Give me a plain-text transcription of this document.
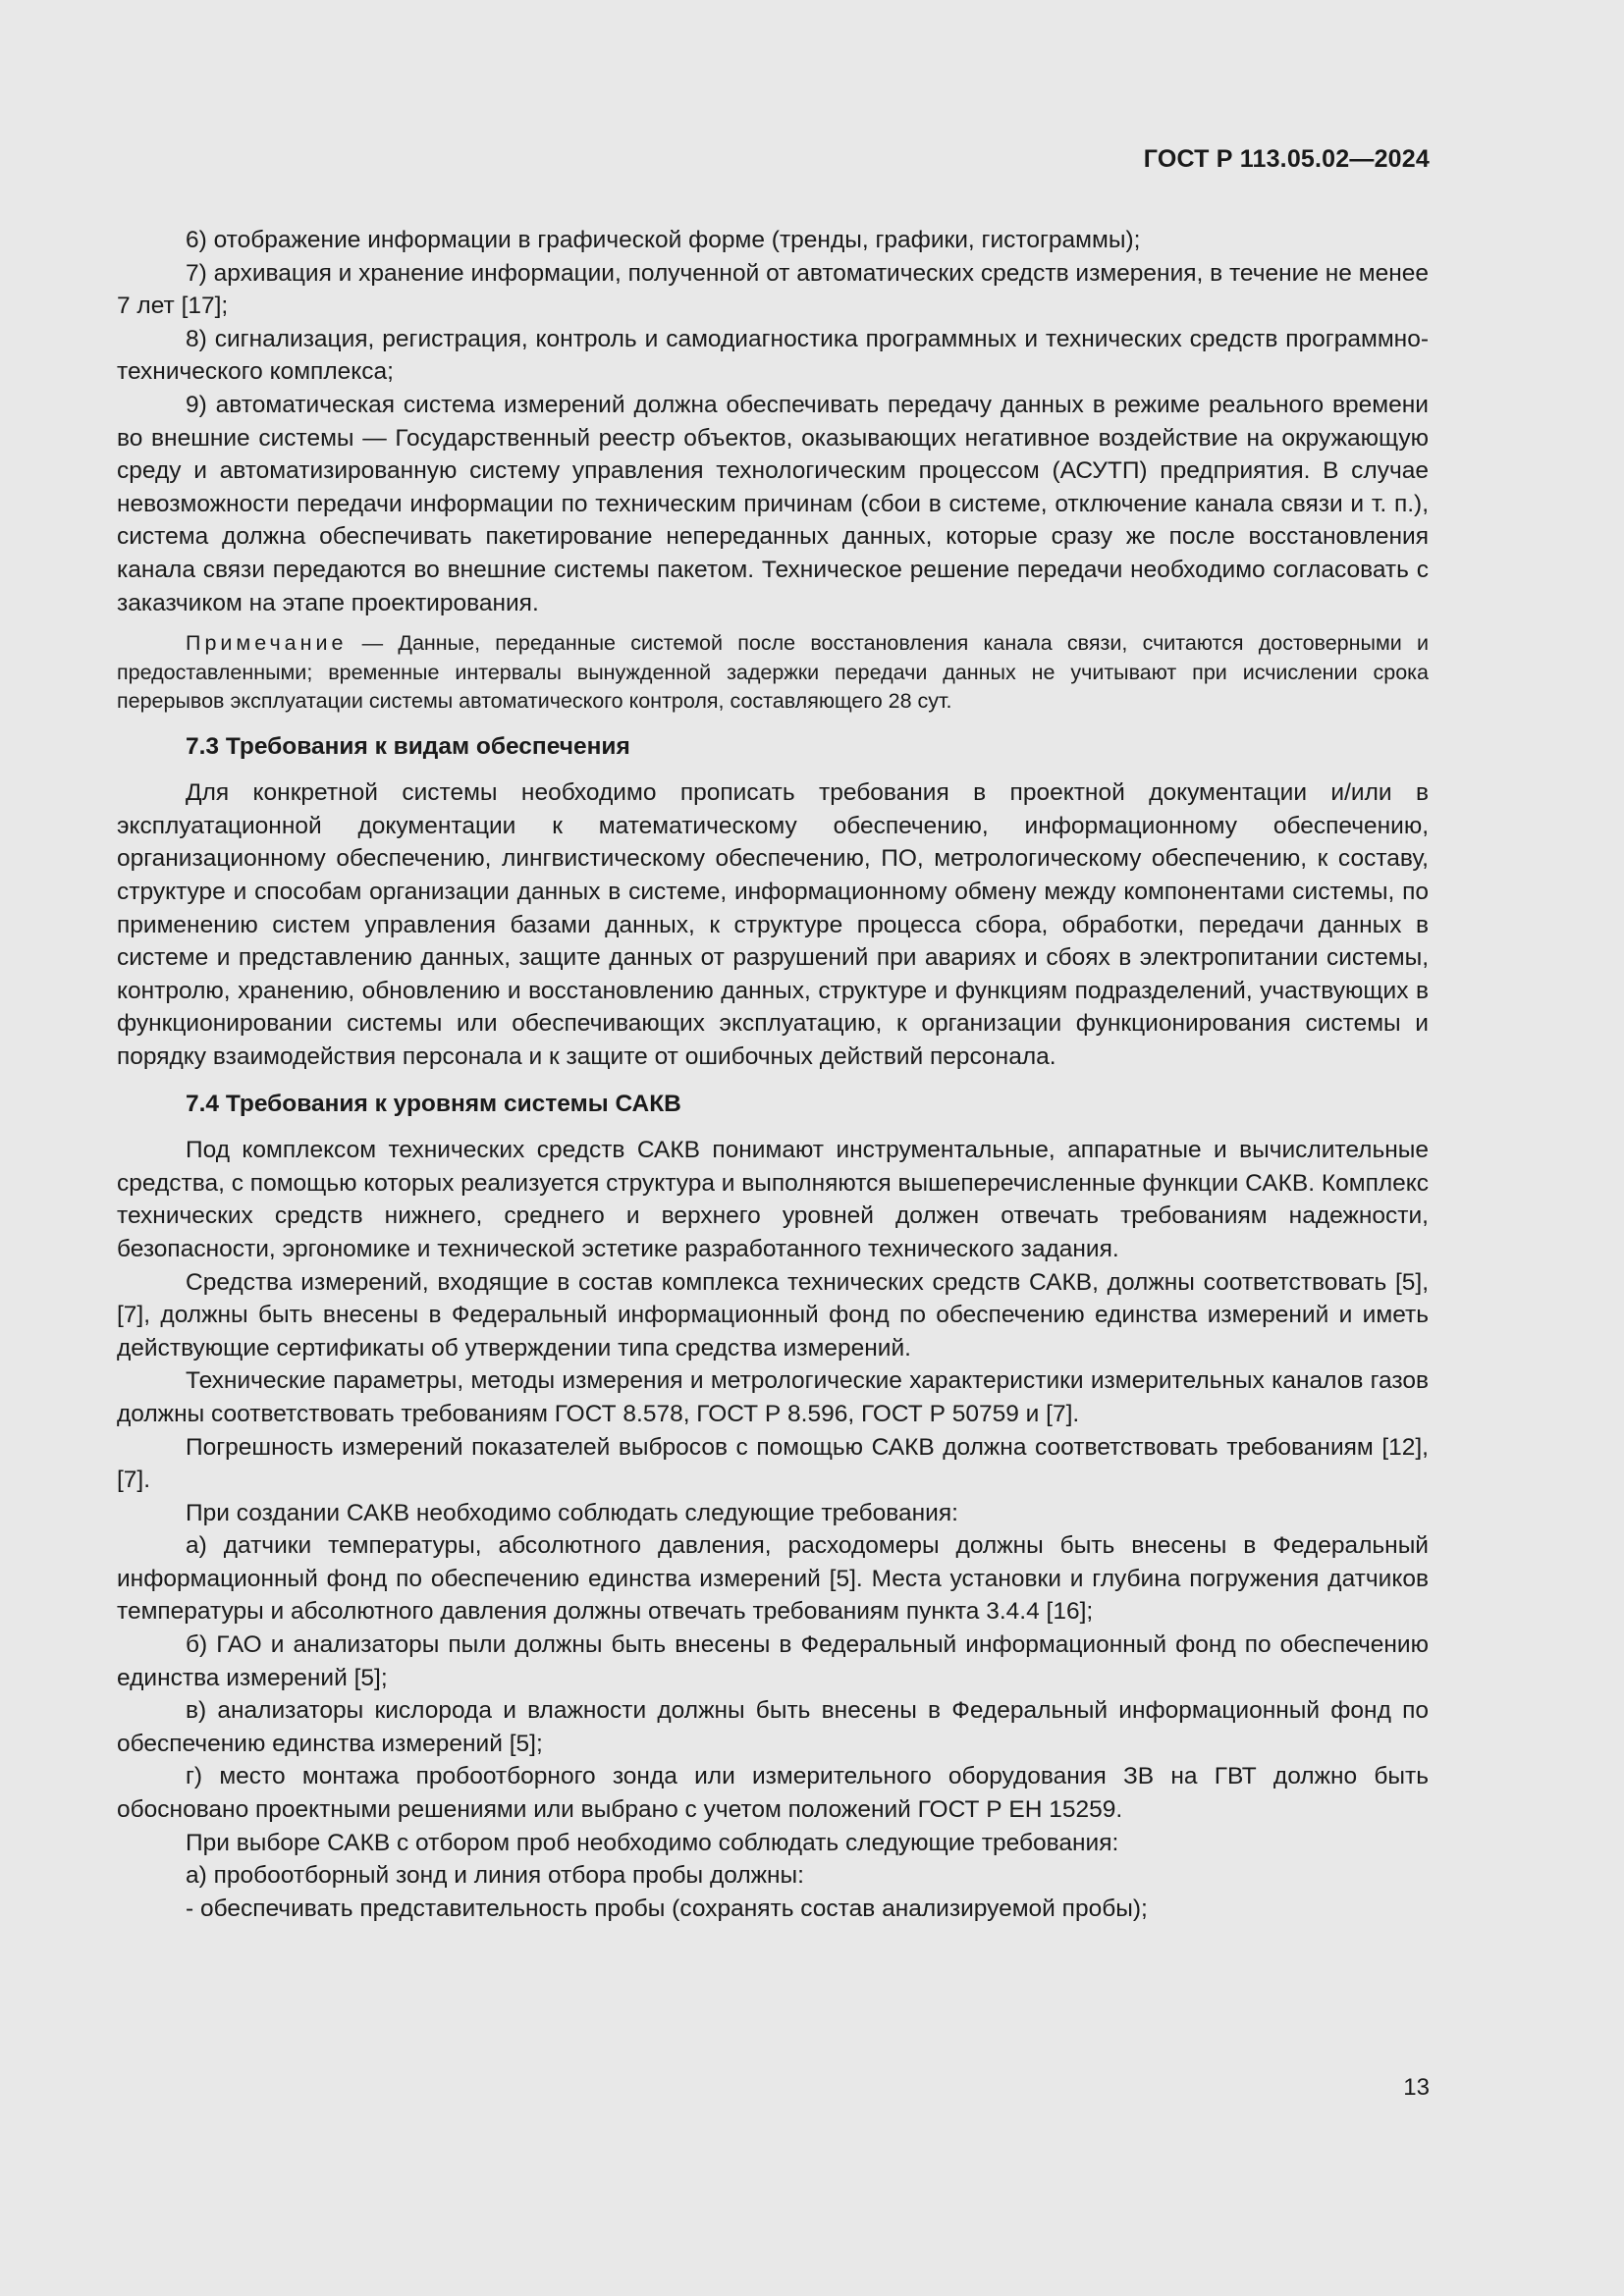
ГОСТ Р 113.05.02—2024

6) отображение информации в графической форме (тренды, графики, гистограммы);

7) архивация и хранение информации, полученной от автоматических средств измерения, в течение не менее 7 лет [17];

8) сигнализация, регистрация, контроль и самодиагностика программных и технических средств программно-технического комплекса;

9) автоматическая система измерений должна обеспечивать передачу данных в режиме реального времени во внешние системы — Государственный реестр объектов, оказывающих негативное воздействие на окружающую среду и автоматизированную систему управления технологическим процессом (АСУТП) предприятия. В случае невозможности передачи информации по техническим причинам (сбои в системе, отключение канала связи и т. п.), система должна обеспечивать пакетирование непереданных данных, которые сразу же после восстановления канала связи передаются во внешние системы пакетом. Техническое решение передачи необходимо согласовать с заказчиком на этапе проектирования.

Примечание — Данные, переданные системой после восстановления канала связи, считаются достоверными и предоставленными; временные интервалы вынужденной задержки передачи данных не учитывают при исчислении срока перерывов эксплуатации системы автоматического контроля, составляющего 28 сут.

7.3 Требования к видам обеспечения

Для конкретной системы необходимо прописать требования в проектной документации и/или в эксплуатационной документации к математическому обеспечению, информационному обеспечению, организационному обеспечению, лингвистическому обеспечению, ПО, метрологическому обеспечению, к составу, структуре и способам организации данных в системе, информационному обмену между компонентами системы, по применению систем управления базами данных, к структуре процесса сбора, обработки, передачи данных в системе и представлению данных, защите данных от разрушений при авариях и сбоях в электропитании системы, контролю, хранению, обновлению и восстановлению данных, структуре и функциям подразделений, участвующих в функционировании системы или обеспечивающих эксплуатацию, к организации функционирования системы и порядку взаимодействия персонала и к защите от ошибочных действий персонала.

7.4 Требования к уровням системы САКВ

Под комплексом технических средств САКВ понимают инструментальные, аппаратные и вычислительные средства, с помощью которых реализуется структура и выполняются вышеперечисленные функции САКВ. Комплекс технических средств нижнего, среднего и верхнего уровней должен отвечать требованиям надежности, безопасности, эргономике и технической эстетике разработанного технического задания.

Средства измерений, входящие в состав комплекса технических средств САКВ, должны соответствовать [5], [7], должны быть внесены в Федеральный информационный фонд по обеспечению единства измерений и иметь действующие сертификаты об утверждении типа средства измерений.

Технические параметры, методы измерения и метрологические характеристики измерительных каналов газов должны соответствовать требованиям ГОСТ 8.578, ГОСТ Р 8.596, ГОСТ Р 50759 и [7].

Погрешность измерений показателей выбросов с помощью САКВ должна соответствовать требованиям [12], [7].

При создании САКВ необходимо соблюдать следующие требования:

а) датчики температуры, абсолютного давления, расходомеры должны быть внесены в Федеральный информационный фонд по обеспечению единства измерений [5]. Места установки и глубина погружения датчиков температуры и абсолютного давления должны отвечать требованиям пункта 3.4.4 [16];

б) ГАО и анализаторы пыли должны быть внесены в Федеральный информационный фонд по обеспечению единства измерений [5];

в) анализаторы кислорода и влажности должны быть внесены в Федеральный информационный фонд по обеспечению единства измерений [5];

г) место монтажа пробоотборного зонда или измерительного оборудования ЗВ на ГВТ должно быть обосновано проектными решениями или выбрано с учетом положений ГОСТ Р ЕН 15259.

При выборе САКВ с отбором проб необходимо соблюдать следующие требования:

а) пробоотборный зонд и линия отбора пробы должны:

- обеспечивать представительность пробы (сохранять состав анализируемой пробы);

13
